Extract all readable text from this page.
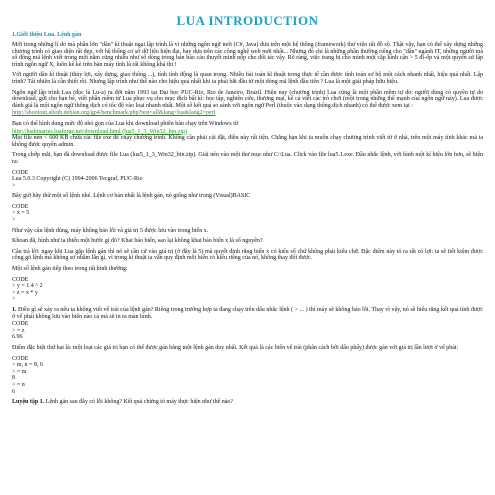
LUA INTRODUCTION
1.Giới thiệu Lua. Lệnh gán

Mới trong những lí do mà phần lớn "dân" kĩ thuật ngại lập trình là vì những ngôn ngữ mới (C#, Java) đưa trên một hệ thống (framework) thư viện rất đồ sộ. Thật vậy, bạn có thể xây dựng những chương trình có giao diện rất đẹp, với hệ thống cơ sở dữ liệu hiện đại, hay dựa trên các công nghệ web mới nhất... Nhưng đó chỉ là những phần thường riêng cho "dân" ngành IT, những người mà số đông mã lệnh viết trong một năm cũng nhiều như số dòng trong bản báo cáo thuyết minh nộp cho đối tác vậy. Rõ ràng, việc trang bị cho mình một cặp kính cận > 5 đi-ốp và một quyển sử lập trình ngôn ngữ X, luôn kè kè trên bàn máy tính là rất không khả thi !

Với người dân kĩ thuật (thủy lợi, xây dựng, giao thông ...), tính tính động là quan trọng. Nhiều bài toán kĩ thuật trong thực tế cần được tính toán sơ bộ một cách nhanh nhất, hiệu quả nhất. Lập trình? Tất nhiên là cần thiết rồi. Nhưng lập trình như thế nào cho hiệu quả nhất khi ta phải bắt đầu từ một dòng mã lệnh đầu tiên ? Lua là một giải pháp hữu hiệu.

Ngôn ngữ lập trình Lua (đọc là Lu-a) ra đời năm 1993 tại Đại học PUC-Rio, Rio de Janeiro, Brazil. Hiện nay (chương trình) Lua cũng là một phần mềm tự do: người dùng có quyền tự do download, gửi cho bạn bè, viết phần mềm từ Lua phục vụ cho mục đích bất kì: học tập, nghiên cứu, thương mại, kể cả viết các trò chơi (một trong những thể mạnh của ngôn ngữ này). Lua được đánh giá là một ngôn ngữ thông dịch có tốc độ vào loại nhanh nhất. Một số kết quả so sánh với ngôn ngữ Perl (thuộc vào dạng thông dịch nhanh) có thể được xem tại :

http://shootout.alioth.debian.org/gp4/benchmark.php?test=all&lang=lua&lang2=perl

Bạn có thể hình dung mức độ nhỏ gọn của Lua khi download phiên bản chạy trên Windows từ

http://luabinaries.luaforge.net/download.html (lua5_1_3_Win32_bin.zip)

Một file nén < 600 KB chứa các file exe để chạy chương trình. Không cần phải cài đặt, điều này rất tiện. Chẳng hạn khi ta muốn chạy chương trình viết từ ở nhà, trên một máy tính khác mà ta không được quyền admin.

Trong chớp mắt, bạn đã download được file Lua (lua5_1_3_Win32_bin.zip). Giải nén vào một thư mục như C:\Lua. Click vào file lua5.1.exe. Đầu nhắc lệnh, với hình một kí hiệu lớn hơn, sẽ hiện ra:

CODE
Lua 5.0.3 Copyright (C) 1994-2006 Tecgraf, PUC-Rio
>

Bây giờ hãy thử một số lệnh nhé. Lệnh cơ bản nhất là lệnh gán, nó giống như trong (Visual)BASIC

CODE
> x = 5
>

Như vậy câu lệnh đúng, máy không báo lỗi và giá trị 5 được lưu vào trong biến x.

Khoan đã, hình như ta thiếu một bước gì đó? Khai báo biến, sao lại không khai báo biến x là số nguyên?

Câu trả lời: ngay khi Lua gặp lệnh gán thì nó sẽ cần cứ vào giá trị (ở đây là 5) mà quyết định rằng biến x có kiểu số chứ không phải kiểu chữ. Đặc điểm này tỏ ra rất có lợi: ta sẽ tiết kiệm được công gõ lệnh mà không sợ nhầm lẫn gì, vì trong kĩ thuật ta vẫn quy định mỗi biến có kiểu riêng của nó, không thay đổi được.

Một số lệnh gán tiếp theo trong rất bình thường:

CODE
> y = 1.4 ^ 2
> z = x * y
>

1. Điều gì sẽ xảy ra nếu ta không viết vế trái của lệnh gán? Riêng trong trường hợp ta đang chạy trên dấu nhắc lệnh ( > ... ) thì máy sẽ không báo lỗi. Thay vì vậy, nó sẽ hiểu rằng kết quả tính được ở vế phải không lưu vào biến nào cả mà sẽ in ra màn hình.

CODE
> = z
6.96

Điểm đặc biệt thứ hai là: một loạt các giá trị bạn có thể được gán bằng một lệnh gán duy nhất. Kết quả là các biến vế trái (phân cách bởi dấu phẩy) được gán với giá trị lần lượt ở vế phải:

CODE
> m, n = 8, 6
> = m
8
> = n
6

Luyện tập 1. Lệnh gán sau đây có lỗi không? Kết quả chừng tỏ máy thực hiện như thế nào?
